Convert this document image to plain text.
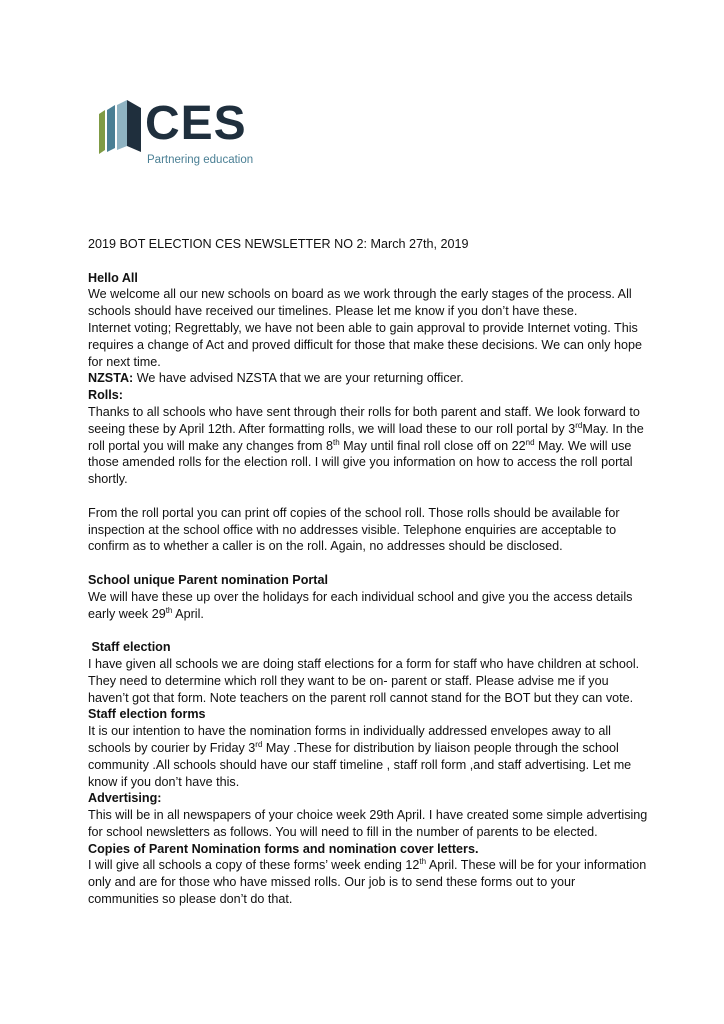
CES
Partnering education

2019 BOT ELECTION CES NEWSLETTER NO 2: March 27th, 2019

Hello All

We welcome all our new schools on board as we work through the early stages of the process. All schools should have received our timelines. Please let me know if you don’t have these.

Internet voting; Regrettably, we have not been able to gain approval to provide Internet voting. This requires a change of Act and proved difficult for those that make these decisions. We can only hope for next time.

NZSTA: We have advised NZSTA that we are your returning officer.

Rolls:

Thanks to all schools who have sent through their rolls for both parent and staff. We look forward to seeing these by April 12th. After formatting rolls, we will load these to our roll portal by 3rdMay. In the roll portal you will make any changes from 8th May until final roll close off on 22nd May. We will use those amended rolls for the election roll. I will give you information on how to access the roll portal shortly.

From the roll portal you can print off copies of the school roll. Those rolls should be available for inspection at the school office with no addresses visible. Telephone enquiries are acceptable to confirm as to whether a caller is on the roll. Again, no addresses should be disclosed.

School unique Parent nomination Portal

We will have these up over the holidays for each individual school and give you the access details early week 29th April.

Staff election

I have given all schools we are doing staff elections for a form for staff who have children at school. They need to determine which roll they want to be on- parent or staff. Please advise me if you haven’t got that form. Note teachers on the parent roll cannot stand for the BOT but they can vote.

Staff election forms

It is our intention to have the nomination forms in individually addressed envelopes away to all schools by courier by Friday 3rd May .These for distribution by liaison people through the school community .All schools should have our staff timeline , staff roll form ,and staff advertising. Let me know if you don’t have this.

Advertising:

This will be in all newspapers of your choice week 29th April. I have created some simple advertising for school newsletters as follows. You will need to fill in the number of parents to be elected.

Copies of Parent Nomination forms and nomination cover letters.

I will give all schools a copy of these forms’ week ending 12th April. These will be for your information only and are for those who have missed rolls. Our job is to send these forms out to your communities so please don’t do that.
